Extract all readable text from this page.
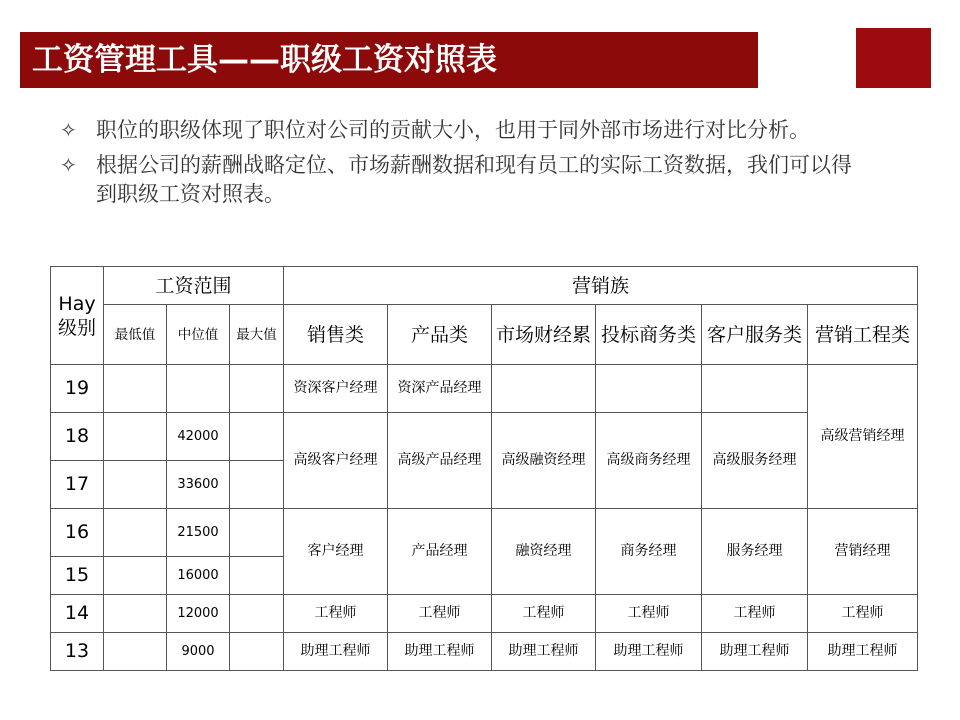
工资管理工具——职级工资对照表
✧ 职位的职级体现了职位对公司的贡献大小，也用于同外部市场进行对比分析。
✧ 根据公司的薪酬战略定位、市场薪酬数据和现有员工的实际工资数据，我们可以得到职级工资对照表。
Hay级别	工资范围			营销族					
	最低值	中位值	最大值	销售类	产品类	市场财经累	投标商务类	客户服务类	营销工程类
19				资深客户经理	资深产品经理				高级营销经理
18		42000		高级客户经理	高级产品经理	高级融资经理	高级商务经理	高级服务经理	
17		33600							
16		21500		客户经理	产品经理	融资经理	商务经理	服务经理	营销经理
15		16000							
14		12000		工程师	工程师	工程师	工程师	工程师	工程师
13		9000		助理工程师	助理工程师	助理工程师	助理工程师	助理工程师	助理工程师
